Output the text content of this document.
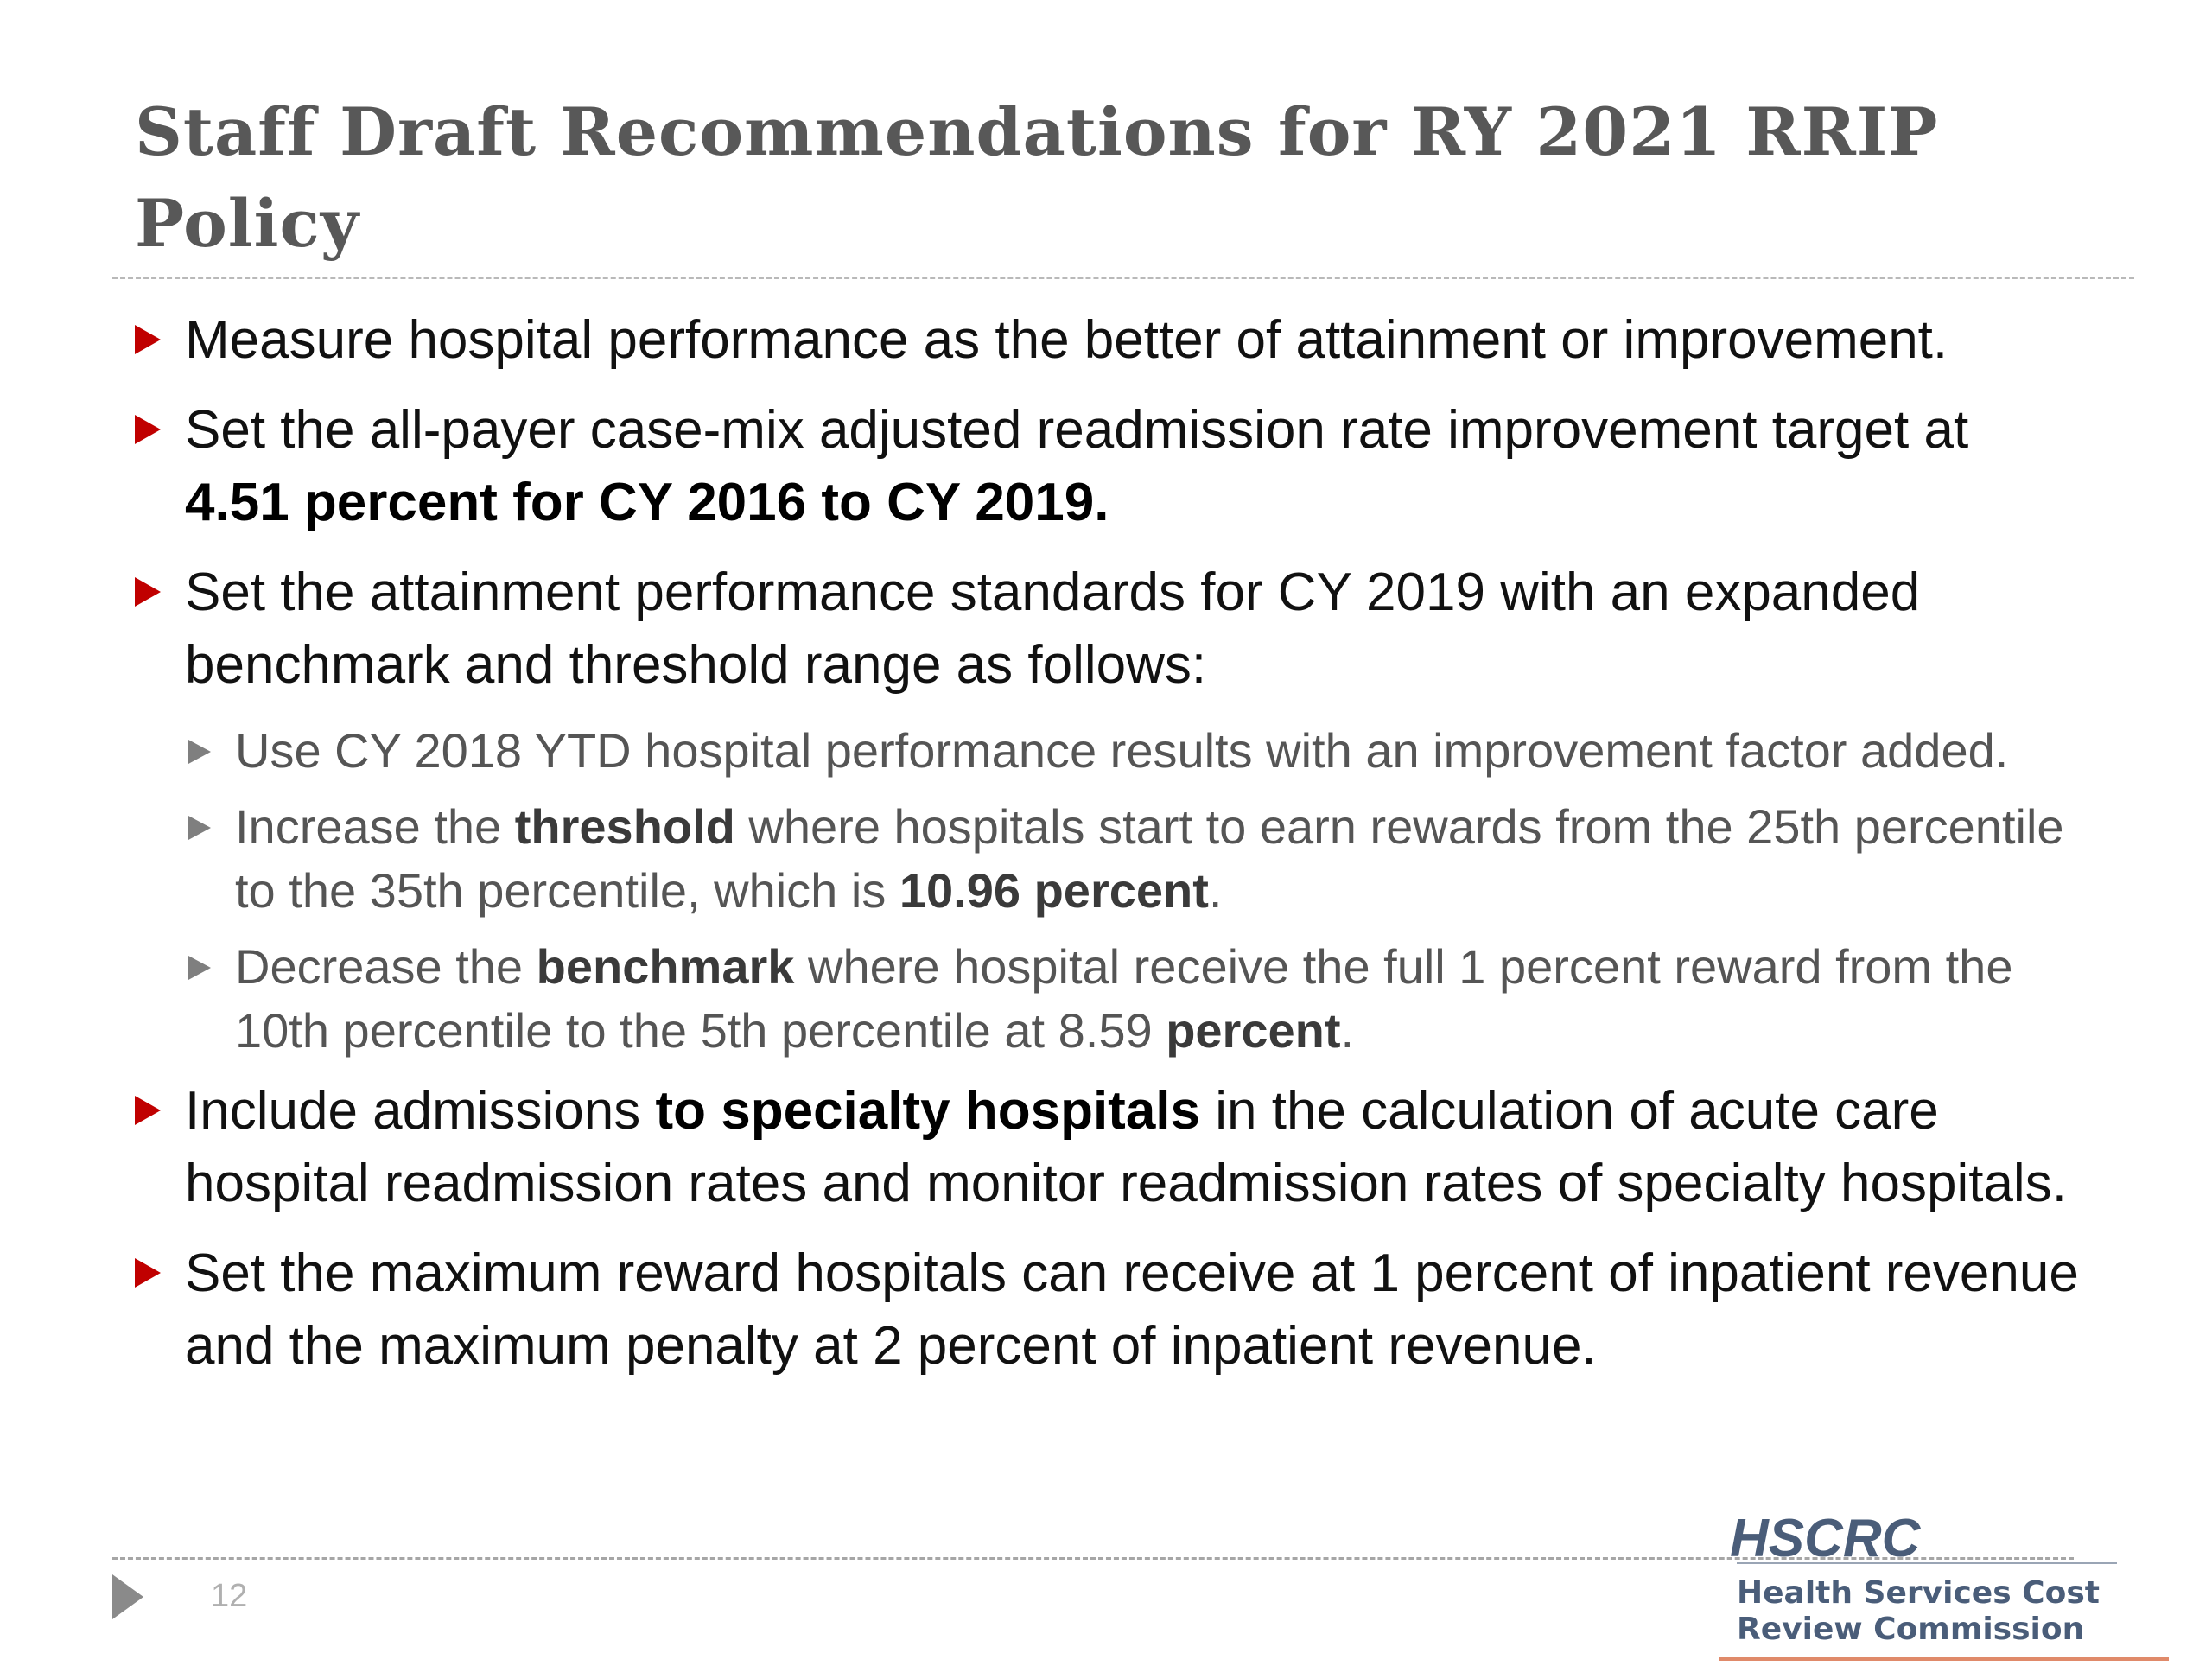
Staff Draft Recommendations for RY 2021 RRIP Policy
Measure hospital performance as the better of attainment or improvement.
Set the all-payer case-mix adjusted readmission rate improvement target at 4.51 percent for CY 2016 to CY 2019.
Set the attainment performance standards for CY 2019 with an expanded benchmark and threshold range as follows:
Use CY 2018 YTD hospital performance results with an improvement factor added.
Increase the threshold where hospitals start to earn rewards from the 25th percentile to the 35th percentile, which is 10.96 percent.
Decrease the benchmark where hospital receive the full 1 percent reward from the 10th percentile to the 5th percentile at 8.59 percent.
Include admissions to specialty hospitals in the calculation of acute care hospital readmission rates and monitor readmission rates of specialty hospitals.
Set the maximum reward hospitals can receive at 1 percent of inpatient revenue and the maximum penalty at 2 percent of inpatient revenue.
12
HSCRC
Health Services Cost
Review Commission
